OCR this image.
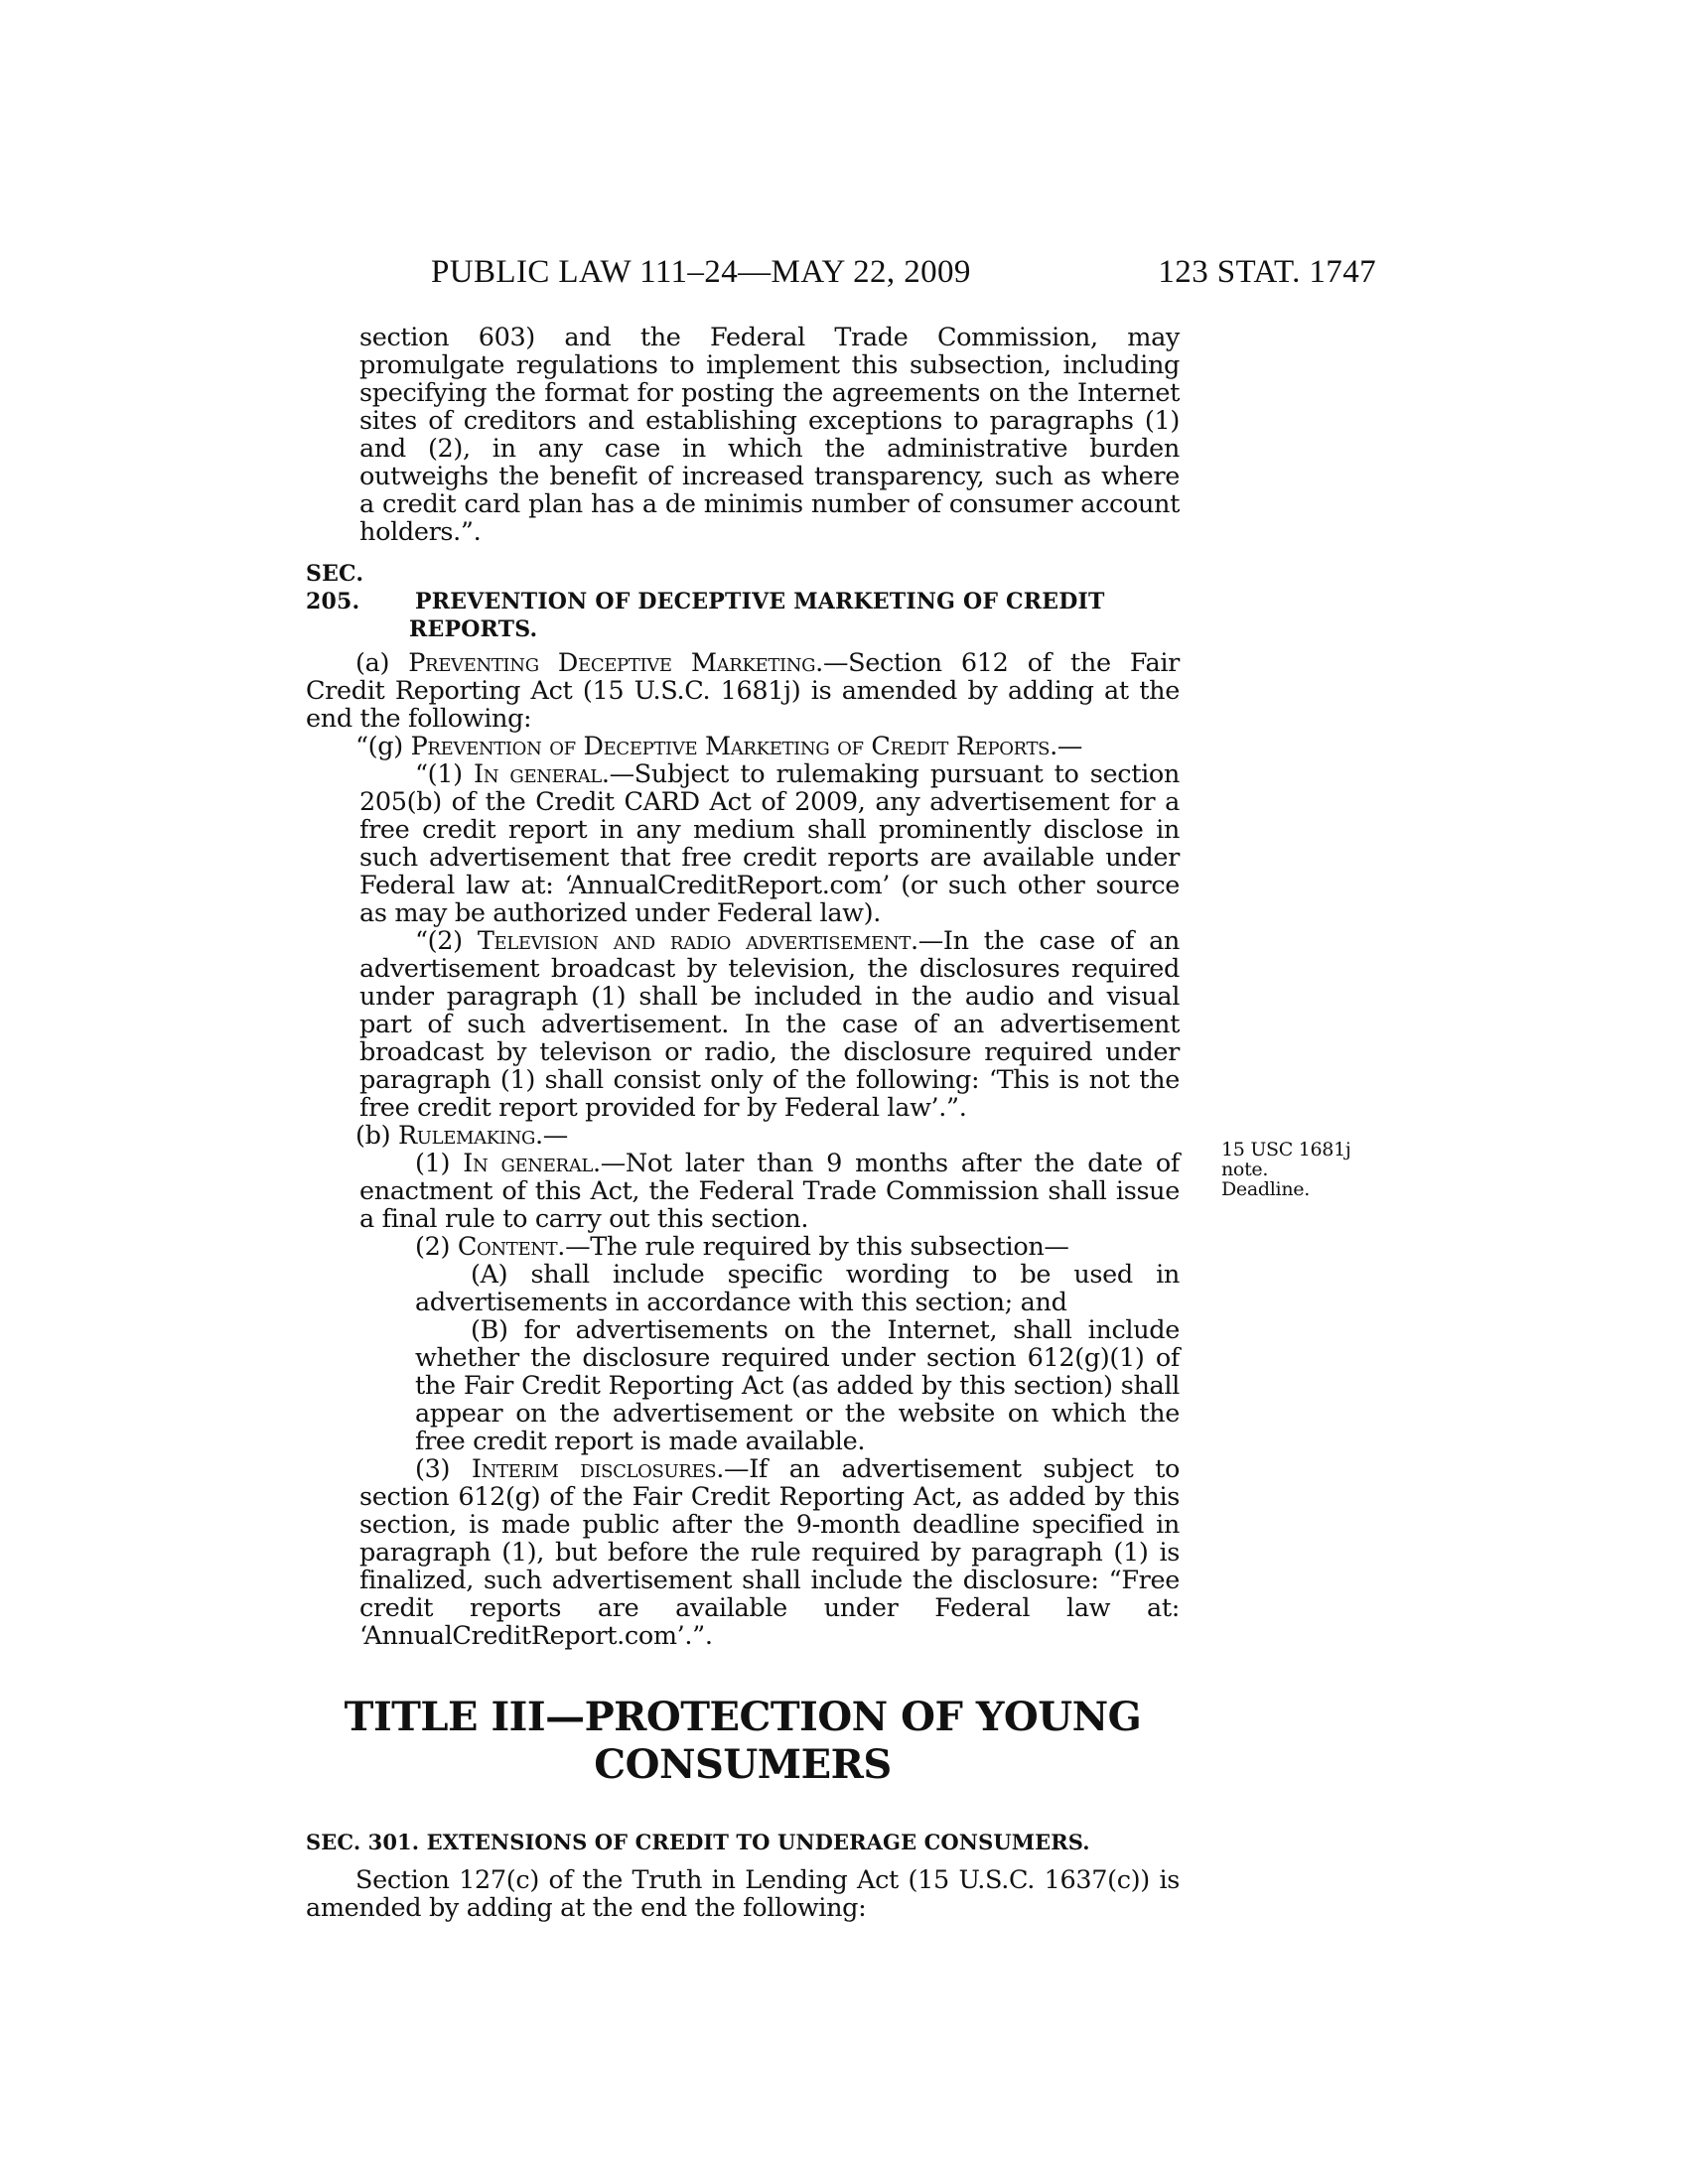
PUBLIC LAW 111–24—MAY 22, 2009	123 STAT. 1747
15 USC 1681j
note.
Deadline.

section 603) and the Federal Trade Commission, may promulgate regulations to implement this subsection, including specifying the format for posting the agreements on the Internet sites of creditors and establishing exceptions to paragraphs (1) and (2), in any case in which the administrative burden outweighs the benefit of increased transparency, such as where a credit card plan has a de minimis number of consumer account holders.”.

SEC. 205.	PREVENTION OF DECEPTIVE MARKETING OF CREDIT
REPORTS.

(a) Preventing Deceptive Marketing.—Section 612 of the Fair Credit Reporting Act (15 U.S.C. 1681j) is amended by adding at the end the following:

“(g) Prevention of Deceptive Marketing of Credit Reports.—

“(1) In general.—Subject to rulemaking pursuant to section 205(b) of the Credit CARD Act of 2009, any advertisement for a free credit report in any medium shall prominently disclose in such advertisement that free credit reports are available under Federal law at: ‘AnnualCreditReport.com’ (or such other source as may be authorized under Federal law).

“(2) Television and radio advertisement.—In the case of an advertisement broadcast by television, the disclosures required under paragraph (1) shall be included in the audio and visual part of such advertisement. In the case of an advertisement broadcast by televison or radio, the disclosure required under paragraph (1) shall consist only of the following: ‘This is not the free credit report provided for by Federal law’.”.

(b) Rulemaking.—

(1) In general.—Not later than 9 months after the date of enactment of this Act, the Federal Trade Commission shall issue a final rule to carry out this section.

(2) Content.—The rule required by this subsection—

(A) shall include specific wording to be used in advertisements in accordance with this section; and

(B) for advertisements on the Internet, shall include whether the disclosure required under section 612(g)(1) of the Fair Credit Reporting Act (as added by this section) shall appear on the advertisement or the website on which the free credit report is made available.

(3) Interim disclosures.—If an advertisement subject to section 612(g) of the Fair Credit Reporting Act, as added by this section, is made public after the 9-month deadline specified in paragraph (1), but before the rule required by paragraph (1) is finalized, such advertisement shall include the disclosure: “Free credit reports are available under Federal law at: ‘AnnualCreditReport.com’.”.

TITLE III—PROTECTION OF YOUNG
CONSUMERS
SEC. 301. EXTENSIONS OF CREDIT TO UNDERAGE CONSUMERS.

Section 127(c) of the Truth in Lending Act (15 U.S.C. 1637(c)) is amended by adding at the end the following:
